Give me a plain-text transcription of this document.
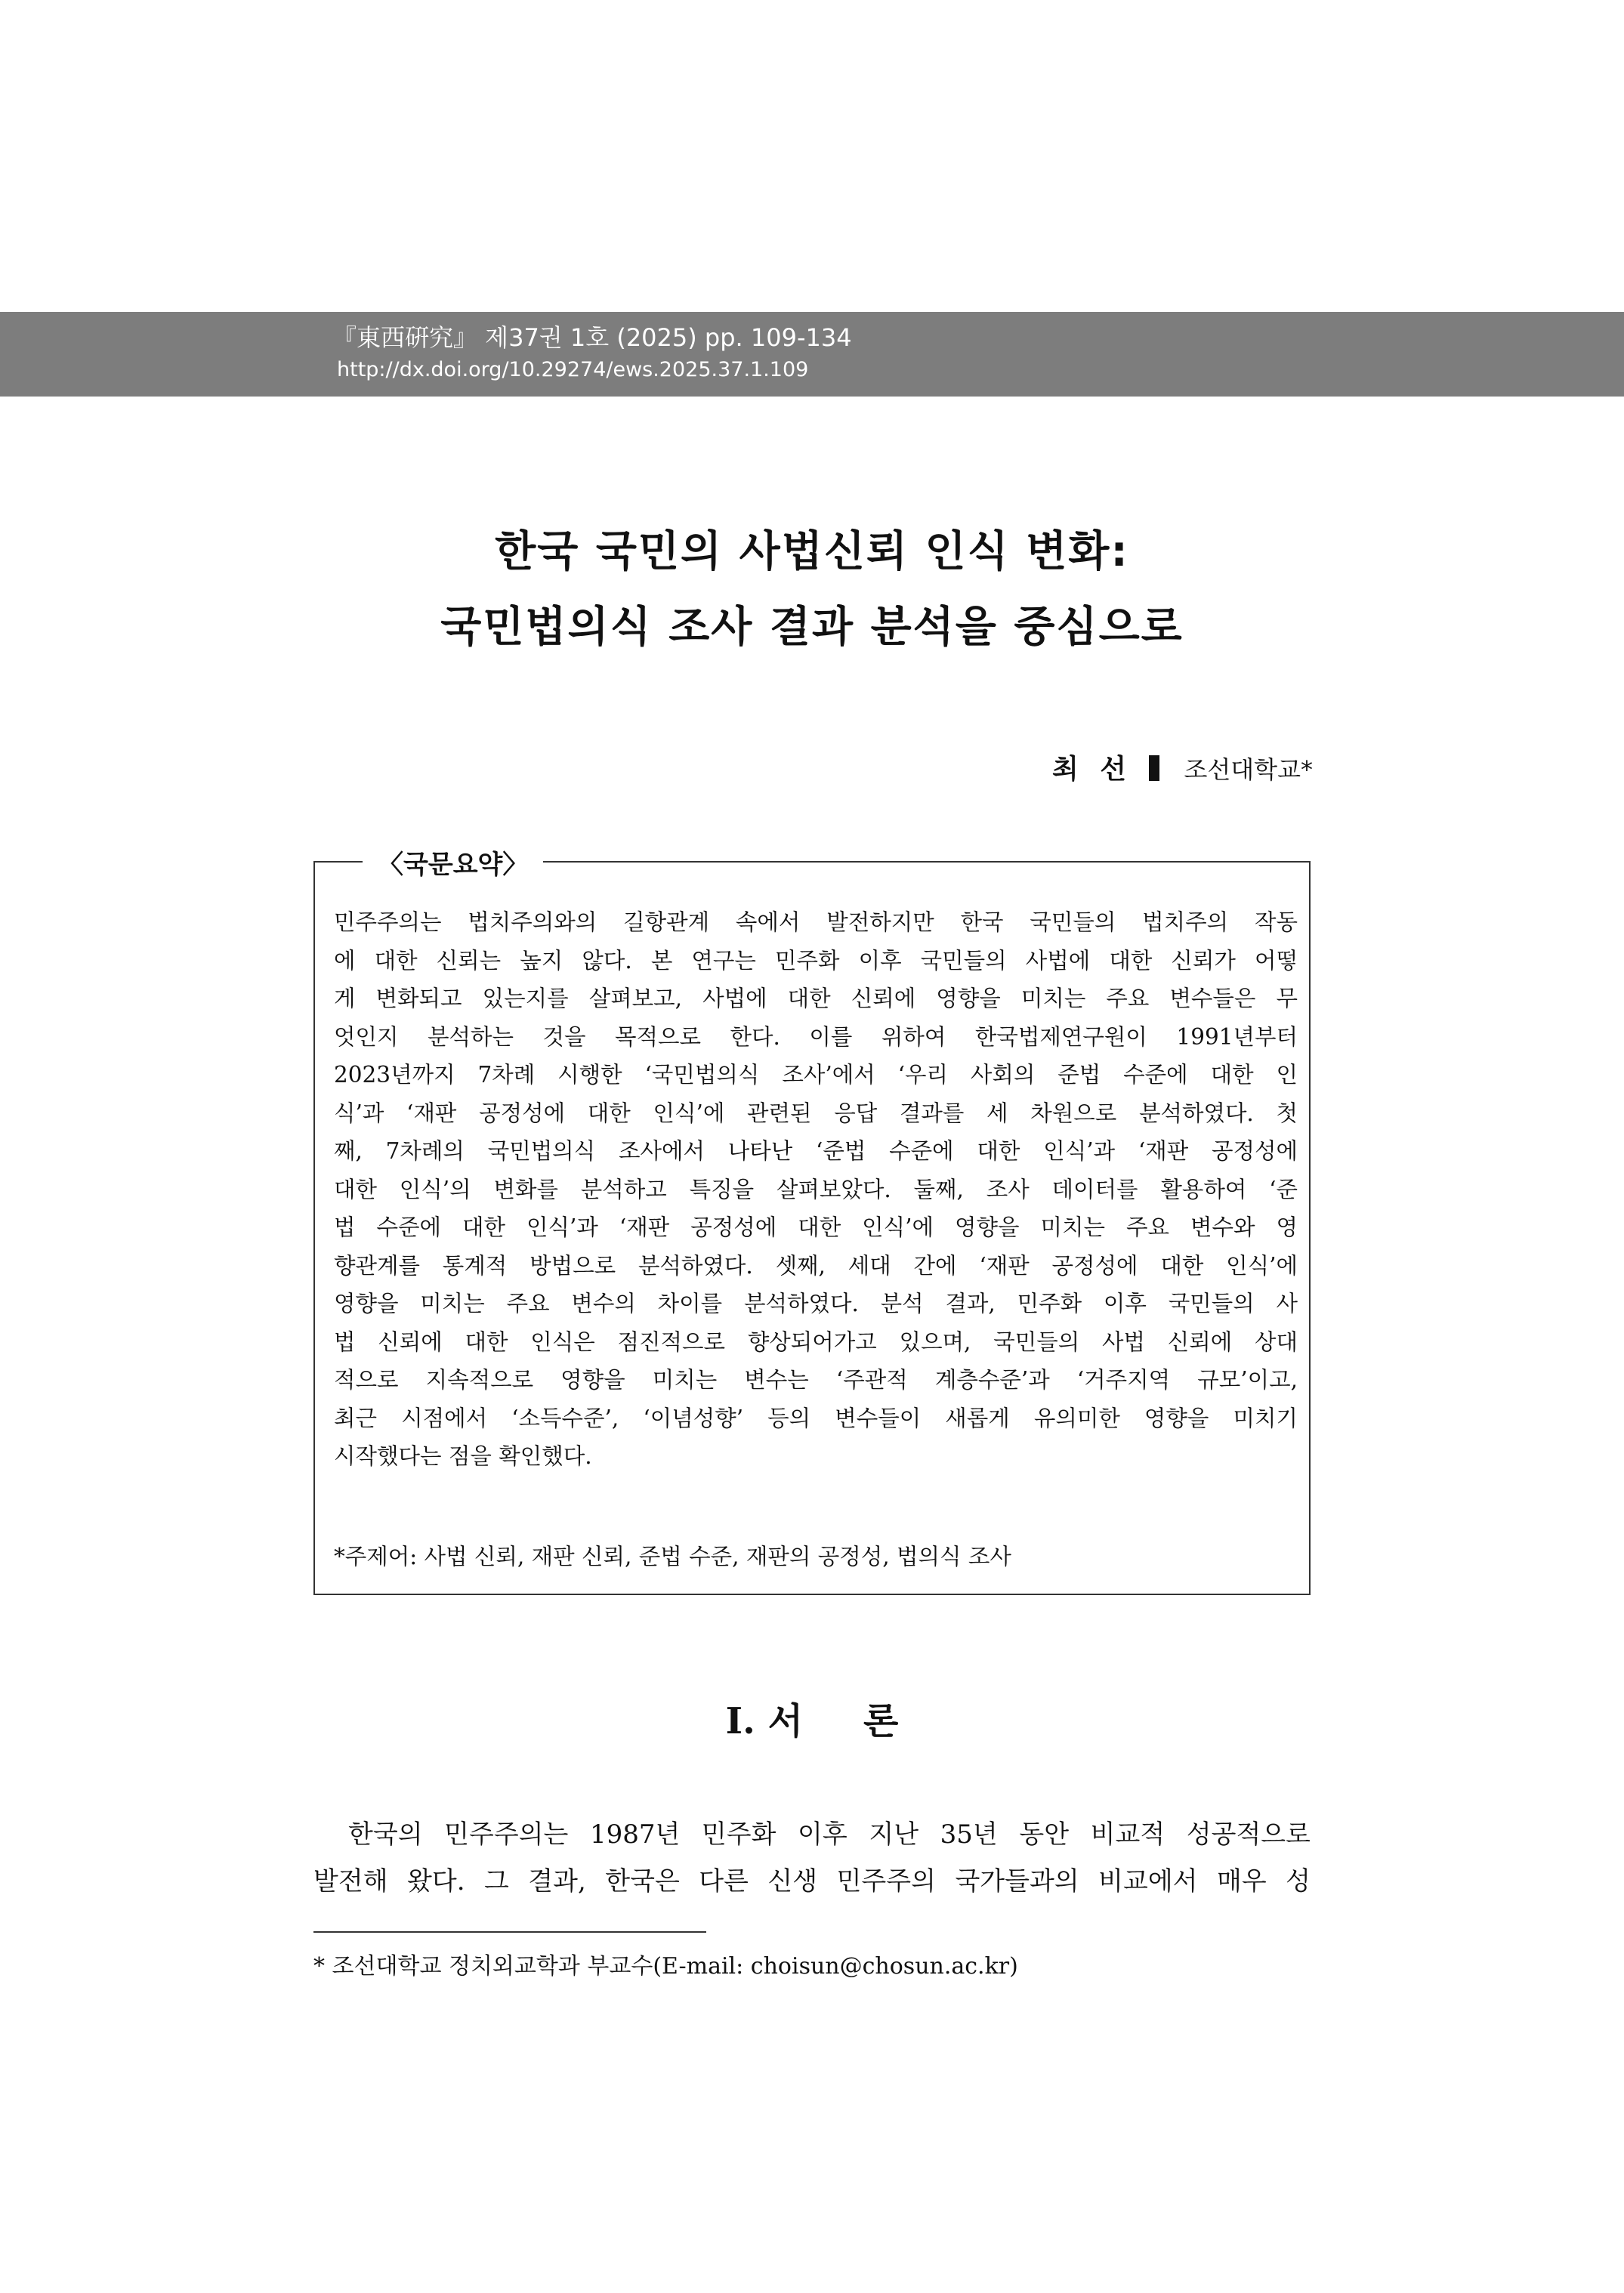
『東西硏究』 제37권 1호 (2025) pp. 109-134
http://dx.doi.org/10.29274/ews.2025.37.1.109
한국 국민의 사법신뢰 인식 변화:
국민법의식 조사 결과 분석을 중심으로
최 선 조선대학교*
〈국문요약〉
민주주의는 법치주의와의 길항관계 속에서 발전하지만 한국 국민들의 법치주의 작동
에 대한 신뢰는 높지 않다. 본 연구는 민주화 이후 국민들의 사법에 대한 신뢰가 어떻
게 변화되고 있는지를 살펴보고, 사법에 대한 신뢰에 영향을 미치는 주요 변수들은 무
엇인지 분석하는 것을 목적으로 한다. 이를 위하여 한국법제연구원이 1991년부터
2023년까지 7차례 시행한 ‘국민법의식 조사’에서 ‘우리 사회의 준법 수준에 대한 인
식’과 ‘재판 공정성에 대한 인식’에 관련된 응답 결과를 세 차원으로 분석하였다. 첫
째, 7차례의 국민법의식 조사에서 나타난 ‘준법 수준에 대한 인식’과 ‘재판 공정성에
대한 인식’의 변화를 분석하고 특징을 살펴보았다. 둘째, 조사 데이터를 활용하여 ‘준
법 수준에 대한 인식’과 ‘재판 공정성에 대한 인식’에 영향을 미치는 주요 변수와 영
향관계를 통계적 방법으로 분석하였다. 셋째, 세대 간에 ‘재판 공정성에 대한 인식’에
영향을 미치는 주요 변수의 차이를 분석하였다. 분석 결과, 민주화 이후 국민들의 사
법 신뢰에 대한 인식은 점진적으로 향상되어가고 있으며, 국민들의 사법 신뢰에 상대
적으로 지속적으로 영향을 미치는 변수는 ‘주관적 계층수준’과 ‘거주지역 규모’이고,
최근 시점에서 ‘소득수준’, ‘이념성향’ 등의 변수들이 새롭게 유의미한 영향을 미치기
시작했다는 점을 확인했다.
*주제어: 사법 신뢰, 재판 신뢰, 준법 수준, 재판의 공정성, 법의식 조사
Ⅰ. 서 론
한국의 민주주의는 1987년 민주화 이후 지난 35년 동안 비교적 성공적으로
발전해 왔다. 그 결과, 한국은 다른 신생 민주주의 국가들과의 비교에서 매우 성
* 조선대학교 정치외교학과 부교수(E-mail: choisun@chosun.ac.kr)
